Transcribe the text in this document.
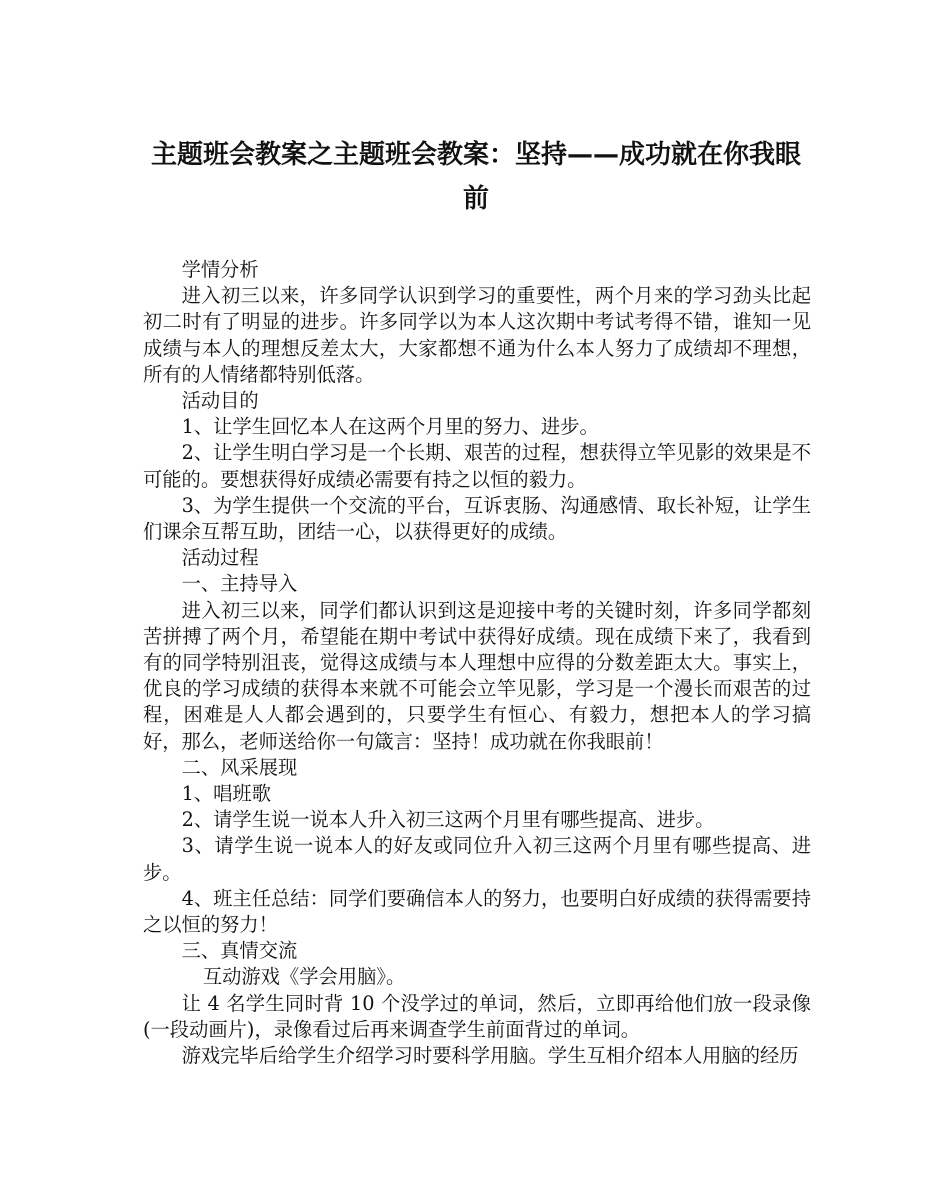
主题班会教案之主题班会教案：坚持——成功就在你我眼前

学情分析

进入初三以来，许多同学认识到学习的重要性，两个月来的学习劲头比起初二时有了明显的进步。许多同学以为本人这次期中考试考得不错，谁知一见成绩与本人的理想反差太大，大家都想不通为什么本人努力了成绩却不理想，所有的人情绪都特别低落。

活动目的

1、让学生回忆本人在这两个月里的努力、进步。

2、让学生明白学习是一个长期、艰苦的过程，想获得立竿见影的效果是不可能的。要想获得好成绩必需要有持之以恒的毅力。

3、为学生提供一个交流的平台，互诉衷肠、沟通感情、取长补短，让学生们课余互帮互助，团结一心，以获得更好的成绩。

活动过程

一、主持导入

进入初三以来，同学们都认识到这是迎接中考的关键时刻，许多同学都刻苦拼搏了两个月，希望能在期中考试中获得好成绩。现在成绩下来了，我看到有的同学特别沮丧，觉得这成绩与本人理想中应得的分数差距太大。事实上，优良的学习成绩的获得本来就不可能会立竿见影，学习是一个漫长而艰苦的过程，困难是人人都会遇到的，只要学生有恒心、有毅力，想把本人的学习搞好，那么，老师送给你一句箴言：坚持！成功就在你我眼前！

二、风采展现

1、唱班歌

2、请学生说一说本人升入初三这两个月里有哪些提高、进步。

3、请学生说一说本人的好友或同位升入初三这两个月里有哪些提高、进步。

4、班主任总结：同学们要确信本人的努力，也要明白好成绩的获得需要持之以恒的努力！

三、真情交流

互动游戏《学会用脑》。

让 4 名学生同时背 10 个没学过的单词，然后，立即再给他们放一段录像(一段动画片)，录像看过后再来调查学生前面背过的单词。

游戏完毕后给学生介绍学习时要科学用脑。学生互相介绍本人用脑的经历
